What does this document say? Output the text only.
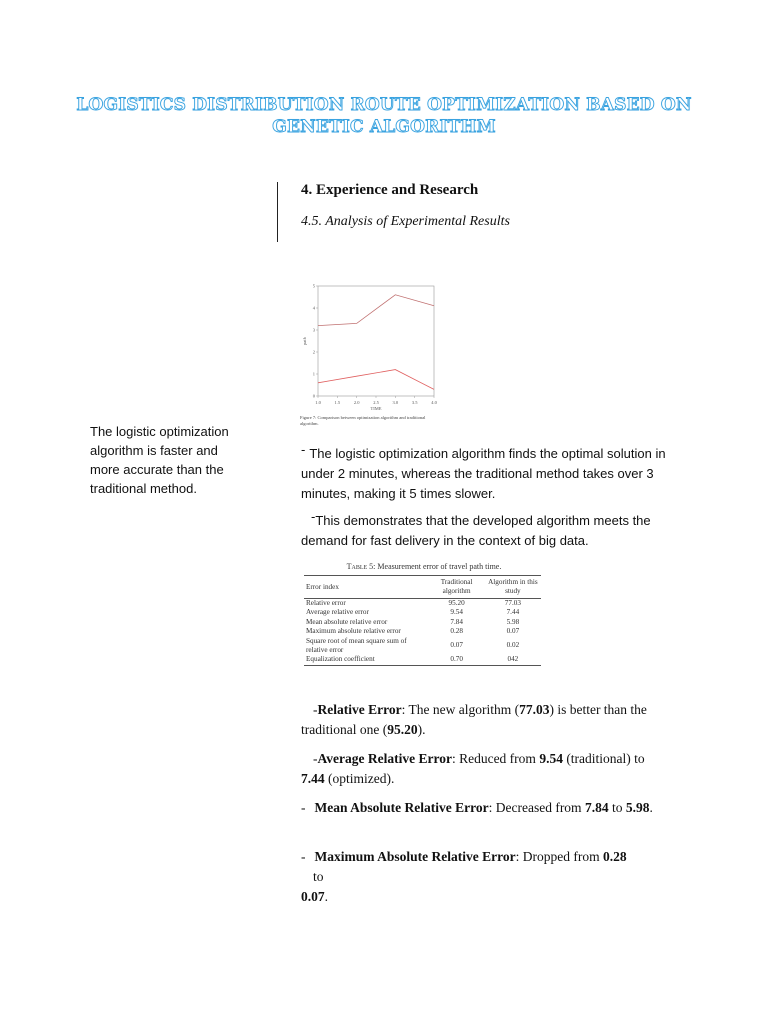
LOGISTICS DISTRIBUTION ROUTE OPTIMIZATION BASED ON GENETIC ALGORITHM
4. Experience and Research
4.5. Analysis of Experimental Results
1.0	1.5	2.0	2.5	3.0	3.5	4.0
0
1
2
3
4
5
TIME
path
Figure 7: Comparison between optimization algorithm and traditional algorithm.
The logistic optimization algorithm is faster and more accurate than the traditional method.
- The logistic optimization algorithm finds the optimal solution in under 2 minutes, whereas the traditional method takes over 3 minutes, making it 5 times slower.
-This demonstrates that the developed algorithm meets the demand for fast delivery in the context of big data.
Table 5: Measurement error of travel path time.
Error index	Traditional algorithm	Algorithm in this study
Relative error	95.20	77.03
Average relative error	9.54	7.44
Mean absolute relative error	7.84	5.98
Maximum absolute relative error	0.28	0.07
Square root of mean square sum of relative error	0.07	0.02
Equalization coefficient	0.70	042
-Relative Error: The new algorithm (77.03) is better than the traditional one (95.20).
-Average Relative Error: Reduced from 9.54 (traditional) to 7.44 (optimized).
- Mean Absolute Relative Error: Decreased from 7.84 to 5.98.
- Maximum Absolute Relative Error: Dropped from 0.28
to
0.07.
